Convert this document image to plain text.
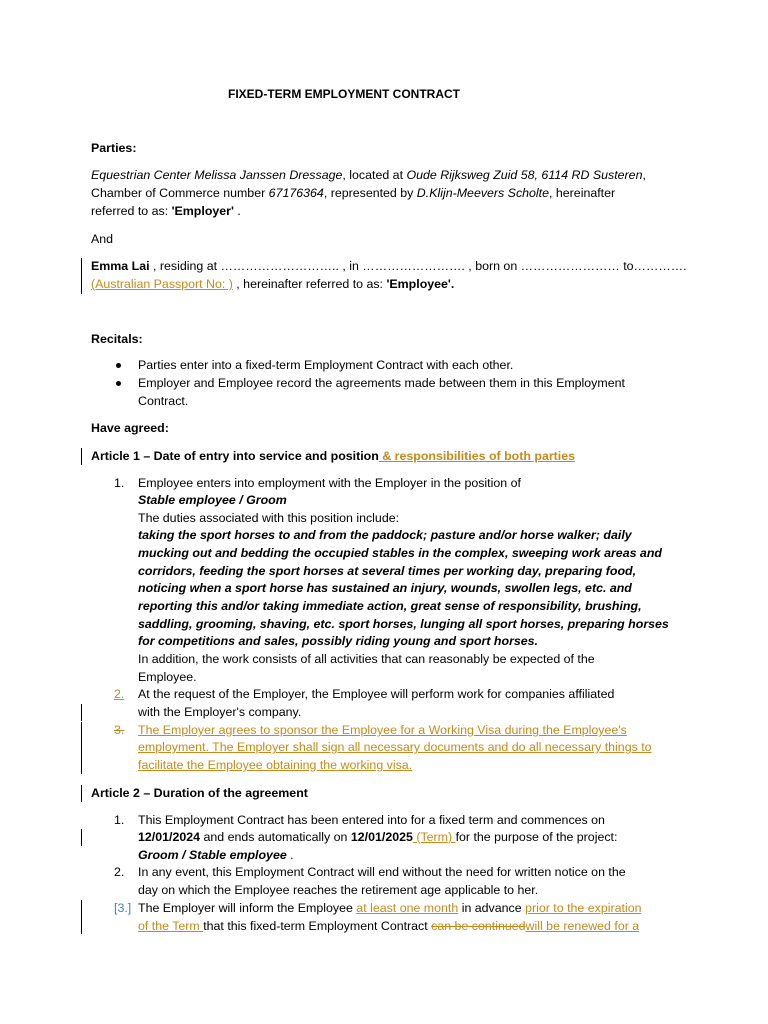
FIXED-TERM EMPLOYMENT CONTRACT
Parties:
Equestrian Center Melissa Janssen Dressage, located at Oude Rijksweg Zuid 58, 6114 RD Susteren,
Chamber of Commerce number 67176364, represented by D.Klijn-Meevers Scholte, hereinafter
referred to as: 'Employer' .
And
Emma Lai , residing at ……………………….. , in ……………………. , born on …………………… to………….
(Australian Passport No: ) , hereinafter referred to as: 'Employee'.
Recitals:
Parties enter into a fixed-term Employment Contract with each other.
Employer and Employee record the agreements made between them in this Employment
Contract.
Have agreed:
Article 1 – Date of entry into service and position & responsibilities of both parties
1. Employee enters into employment with the Employer in the position of
Stable employee / Groom
The duties associated with this position include:
taking the sport horses to and from the paddock; pasture and/or horse walker; daily
mucking out and bedding the occupied stables in the complex, sweeping work areas and
corridors, feeding the sport horses at several times per working day, preparing food,
noticing when a sport horse has sustained an injury, wounds, swollen legs, etc. and
reporting this and/or taking immediate action, great sense of responsibility, brushing,
saddling, grooming, shaving, etc. sport horses, lunging all sport horses, preparing horses
for competitions and sales, possibly riding young and sport horses.
In addition, the work consists of all activities that can reasonably be expected of the
Employee.
2. At the request of the Employer, the Employee will perform work for companies affiliated
with the Employer's company.
3. The Employer agrees to sponsor the Employee for a Working Visa during the Employee's
employment. The Employer shall sign all necessary documents and do all necessary things to
facilitate the Employee obtaining the working visa.
Article 2 – Duration of the agreement
1. This Employment Contract has been entered into for a fixed term and commences on
12/01/2024 and ends automatically on 12/01/2025 (Term) for the purpose of the project:
Groom / Stable employee .
2. In any event, this Employment Contract will end without the need for written notice on the
day on which the Employee reaches the retirement age applicable to her.
[3.] The Employer will inform the Employee at least one month in advance prior to the expiration
of the Term that this fixed-term Employment Contract can be continuedwill be renewed for a
